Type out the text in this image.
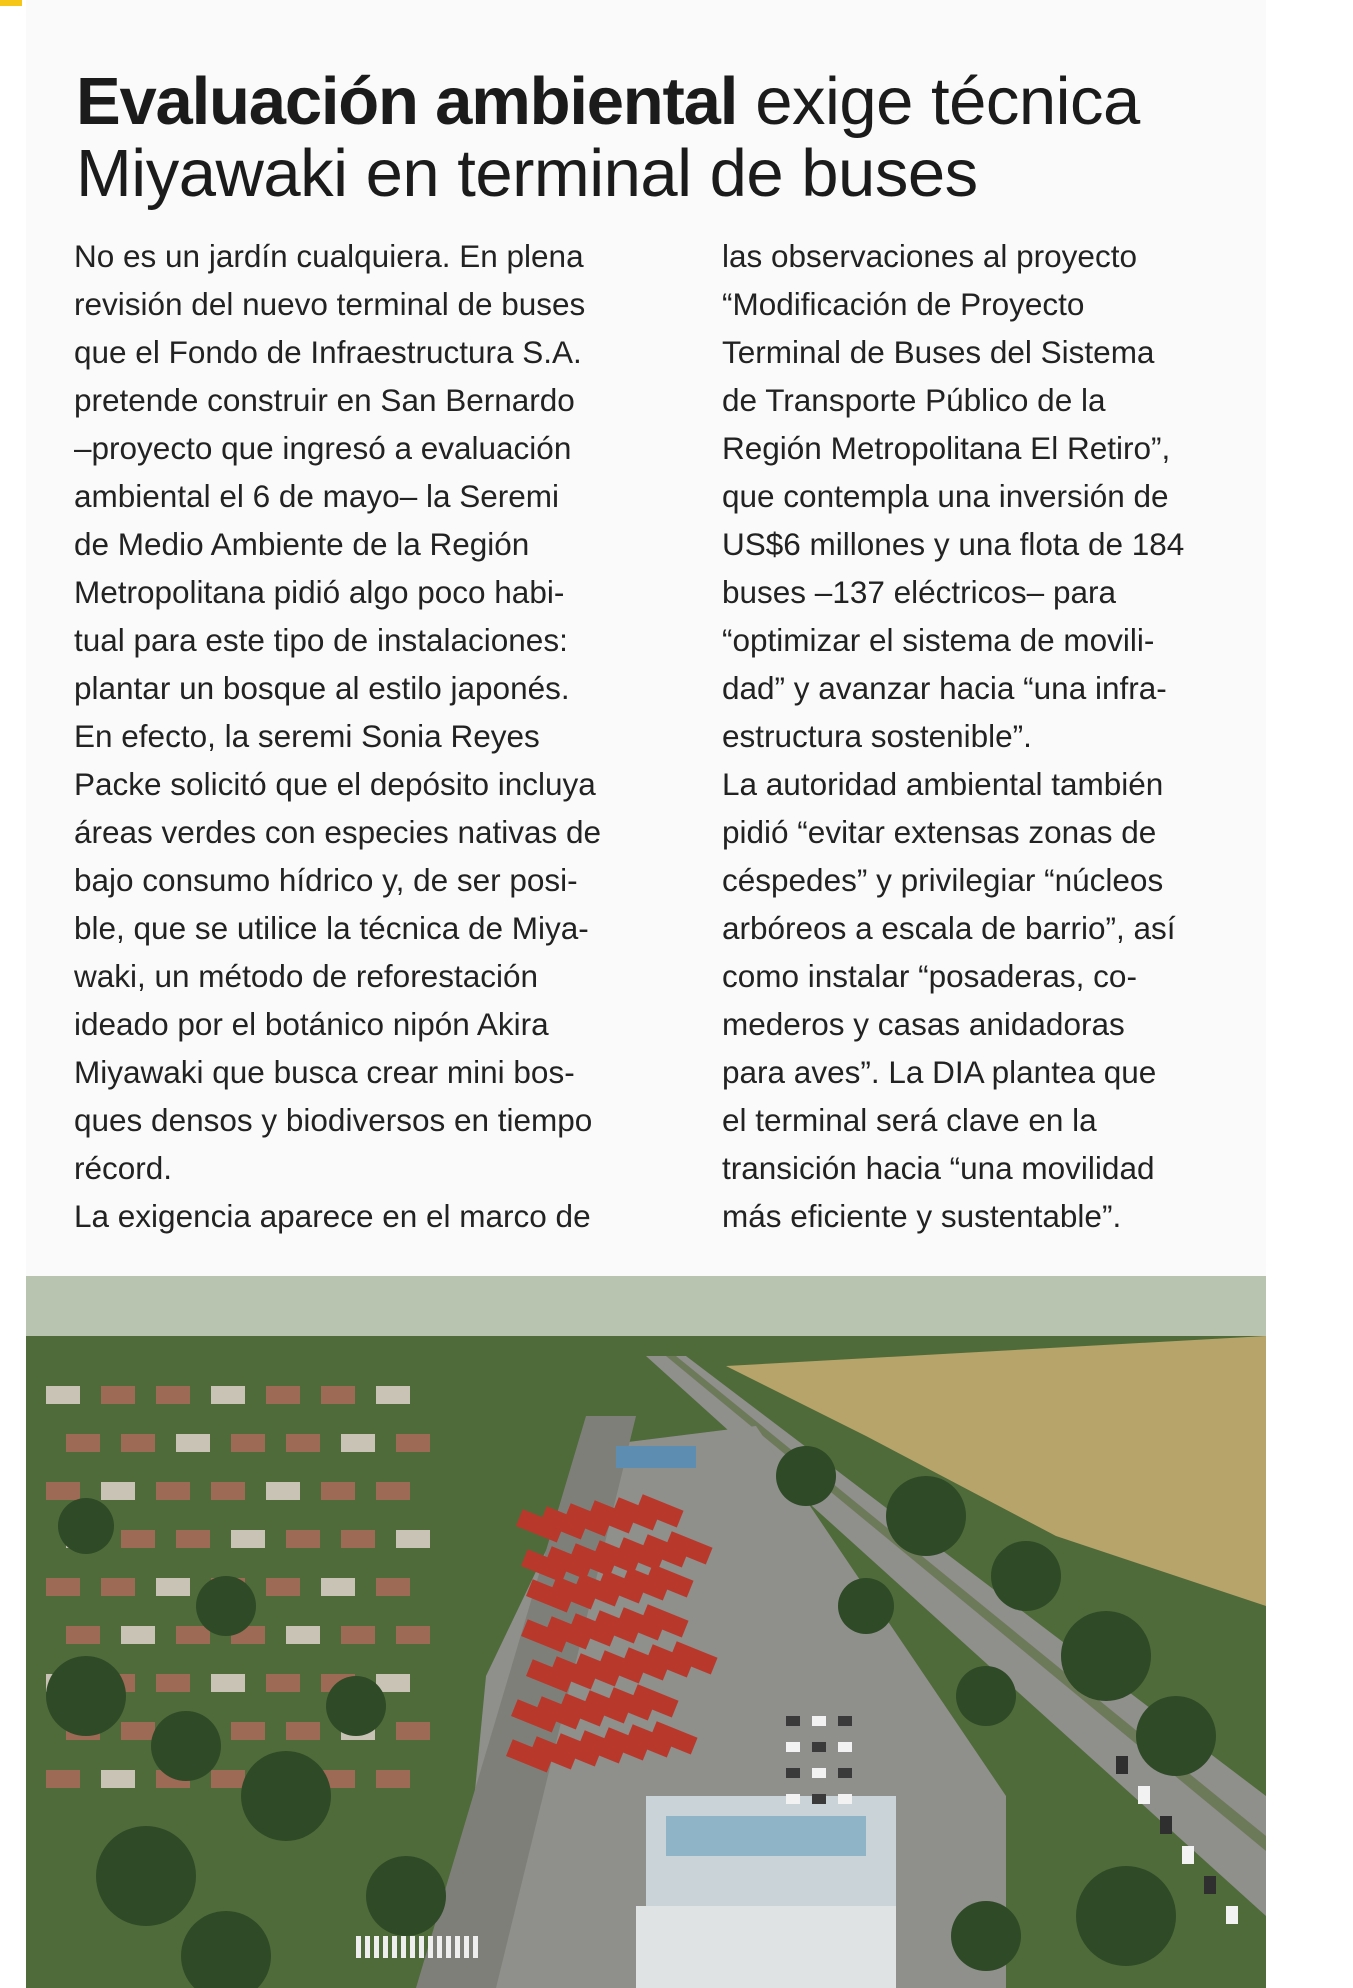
Evaluación ambiental exige técnica
Miyawaki en terminal de buses

No es un jardín cualquiera. En plena

revisión del nuevo terminal de buses

que el Fondo de Infraestructura S.A.

pretende construir en San Bernardo

–proyecto que ingresó a evaluación

ambiental el 6 de mayo– la Seremi

de Medio Ambiente de la Región

Metropolitana pidió algo poco habi-

tual para este tipo de instalaciones:

plantar un bosque al estilo japonés.

En efecto, la seremi Sonia Reyes

Packe solicitó que el depósito incluya

áreas verdes con especies nativas de

bajo consumo hídrico y, de ser posi-

ble, que se utilice la técnica de Miya-

waki, un método de reforestación

ideado por el botánico nipón Akira

Miyawaki que busca crear mini bos-

ques densos y biodiversos en tiempo

récord.

La exigencia aparece en el marco de

las observaciones al proyecto

“Modificación de Proyecto

Terminal de Buses del Sistema

de Transporte Público de la

Región Metropolitana El Retiro”,

que contempla una inversión de

US$6 millones y una flota de 184

buses –137 eléctricos– para

“optimizar el sistema de movili-

dad” y avanzar hacia “una infra-

estructura sostenible”.

La autoridad ambiental también

pidió “evitar extensas zonas de

céspedes” y privilegiar “núcleos

arbóreos a escala de barrio”, así

como instalar “posaderas, co-

mederos y casas anidadoras

para aves”. La DIA plantea que

el terminal será clave en la

transición hacia “una movilidad

más eficiente y sustentable”.
